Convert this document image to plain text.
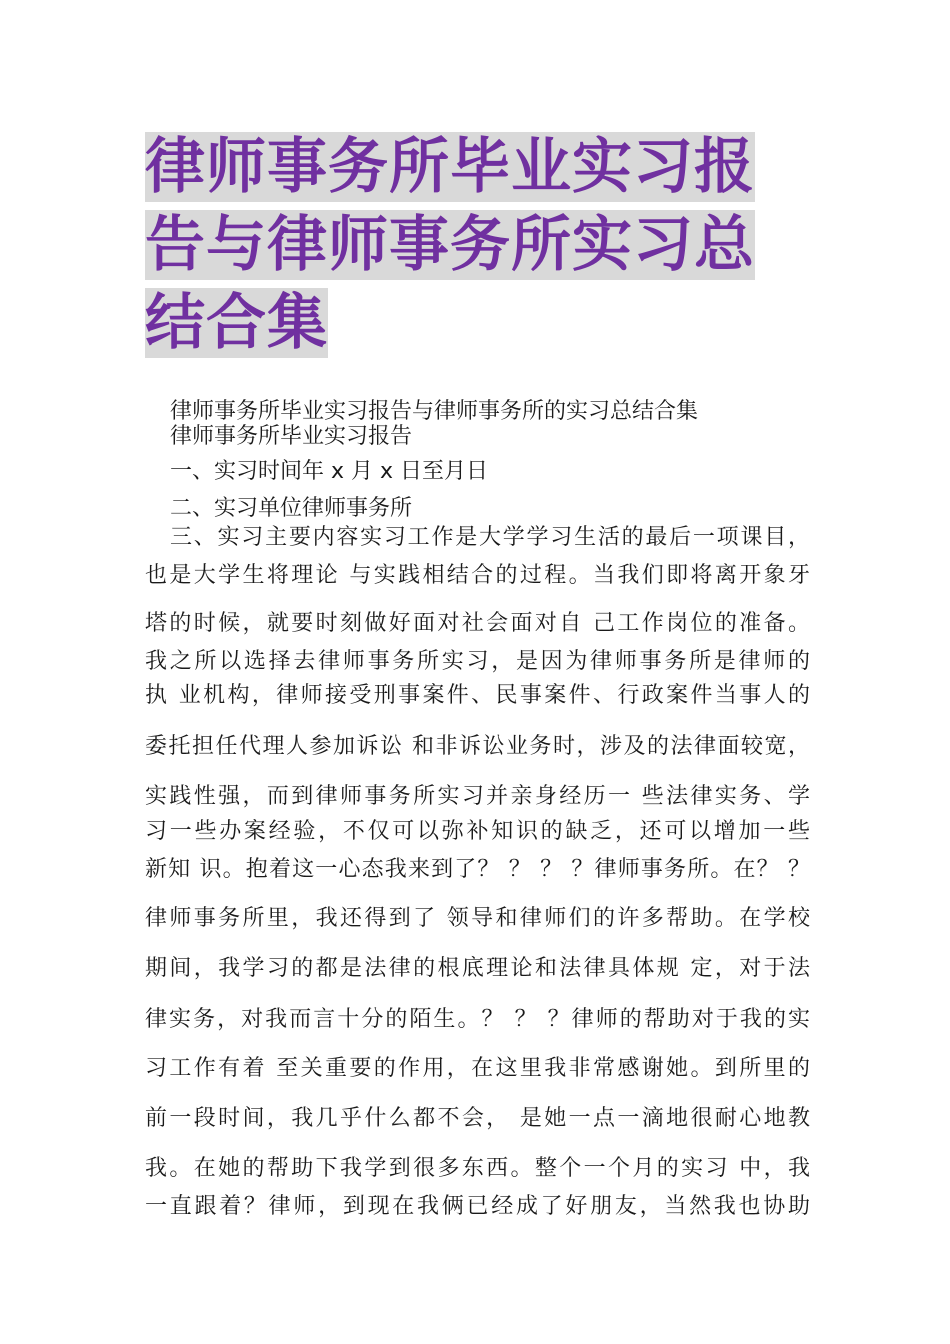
律师事务所毕业实习报告与律师事务所实习总结合集
律师事务所毕业实习报告与律师事务所的实习总结合集
律师事务所毕业实习报告
一、实习时间年 x 月 x 日至月日
二、实习单位律师事务所
三、实习主要内容实习工作是大学学习生活的最后一项课目，
也是大学生将理论 与实践相结合的过程。当我们即将离开象牙
塔的时候，就要时刻做好面对社会面对自 己工作岗位的准备。
我之所以选择去律师事务所实习，是因为律师事务所是律师的
执 业机构，律师接受刑事案件、民事案件、行政案件当事人的
委托担任代理人参加诉讼 和非诉讼业务时，涉及的法律面较宽，
实践性强，而到律师事务所实习并亲身经历一 些法律实务、学
习一些办案经验，不仅可以弥补知识的缺乏，还可以增加一些
新知 识。抱着这一心态我来到了？ ？ ？ ？律师事务所。在？ ？
律师事务所里，我还得到了 领导和律师们的许多帮助。在学校
期间，我学习的都是法律的根底理论和法律具体规 定，对于法
律实务，对我而言十分的陌生。？ ？ ？律师的帮助对于我的实
习工作有着 至关重要的作用，在这里我非常感谢她。到所里的
前一段时间，我几乎什么都不会， 是她一点一滴地很耐心地教
我。在她的帮助下我学到很多东西。整个一个月的实习 中，我
一直跟着？律师，到现在我俩已经成了好朋友，当然我也协助
